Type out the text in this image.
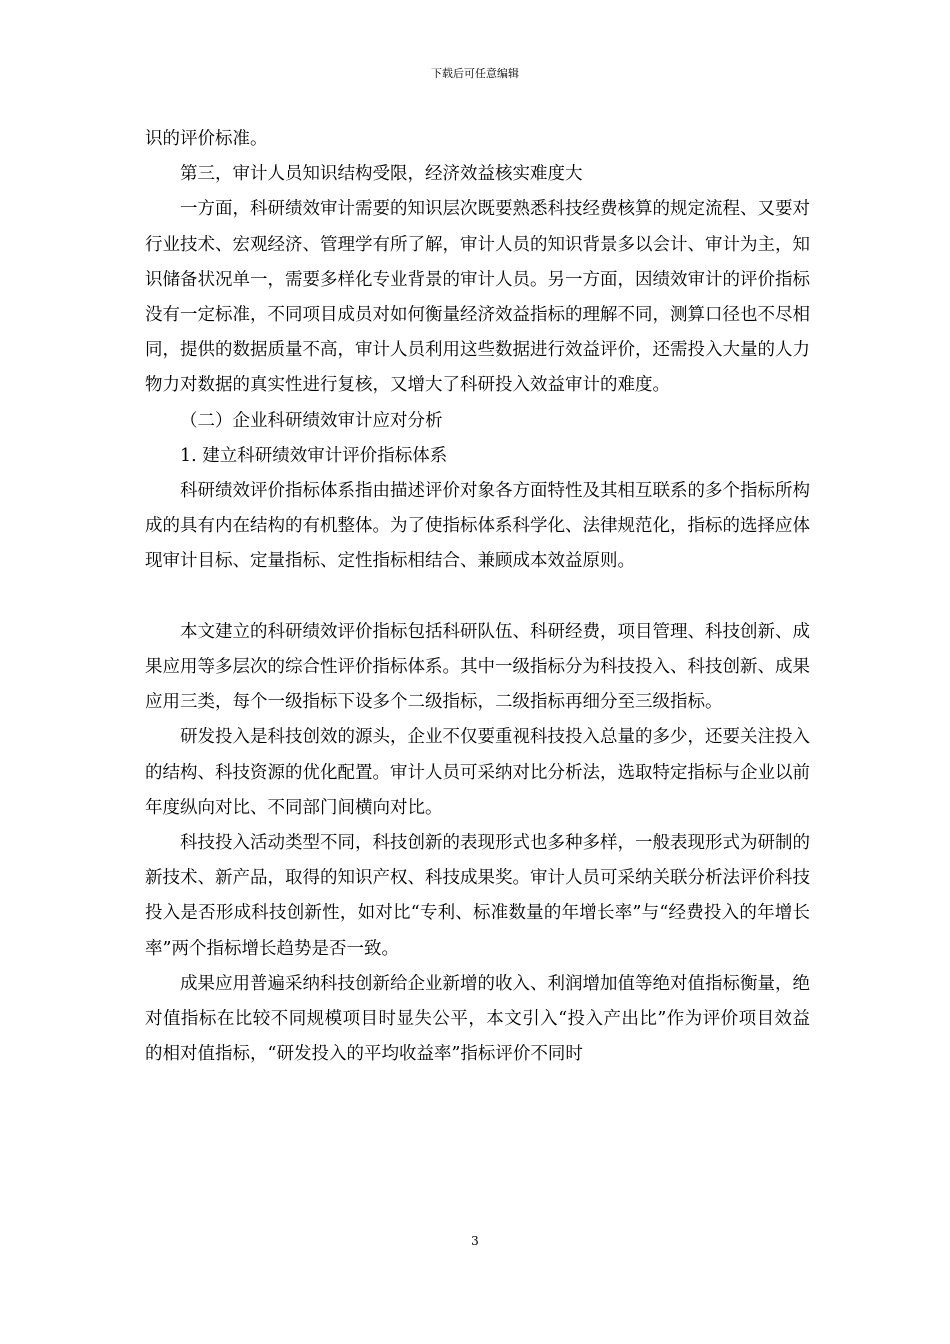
下载后可任意编辑

识的评价标准。

第三，审计人员知识结构受限，经济效益核实难度大

一方面，科研绩效审计需要的知识层次既要熟悉科技经费核算的规定流程、又要对行业技术、宏观经济、管理学有所了解，审计人员的知识背景多以会计、审计为主，知识储备状况单一，需要多样化专业背景的审计人员。另一方面，因绩效审计的评价指标没有一定标准，不同项目成员对如何衡量经济效益指标的理解不同，测算口径也不尽相同，提供的数据质量不高，审计人员利用这些数据进行效益评价，还需投入大量的人力物力对数据的真实性进行复核，又增大了科研投入效益审计的难度。

（二）企业科研绩效审计应对分析

1. 建立科研绩效审计评价指标体系

科研绩效评价指标体系指由描述评价对象各方面特性及其相互联系的多个指标所构成的具有内在结构的有机整体。为了使指标体系科学化、法律规范化，指标的选择应体现审计目标、定量指标、定性指标相结合、兼顾成本效益原则。

本文建立的科研绩效评价指标包括科研队伍、科研经费，项目管理、科技创新、成果应用等多层次的综合性评价指标体系。其中一级指标分为科技投入、科技创新、成果应用三类，每个一级指标下设多个二级指标，二级指标再细分至三级指标。

研发投入是科技创效的源头，企业不仅要重视科技投入总量的多少，还要关注投入的结构、科技资源的优化配置。审计人员可采纳对比分析法，选取特定指标与企业以前年度纵向对比、不同部门间横向对比。

科技投入活动类型不同，科技创新的表现形式也多种多样，一般表现形式为研制的新技术、新产品，取得的知识产权、科技成果奖。审计人员可采纳关联分析法评价科技投入是否形成科技创新性，如对比“专利、标准数量的年增长率”与“经费投入的年增长率”两个指标增长趋势是否一致。

成果应用普遍采纳科技创新给企业新增的收入、利润增加值等绝对值指标衡量，绝对值指标在比较不同规模项目时显失公平，本文引入“投入产出比”作为评价项目效益的相对值指标，“研发投入的平均收益率”指标评价不同时

3
